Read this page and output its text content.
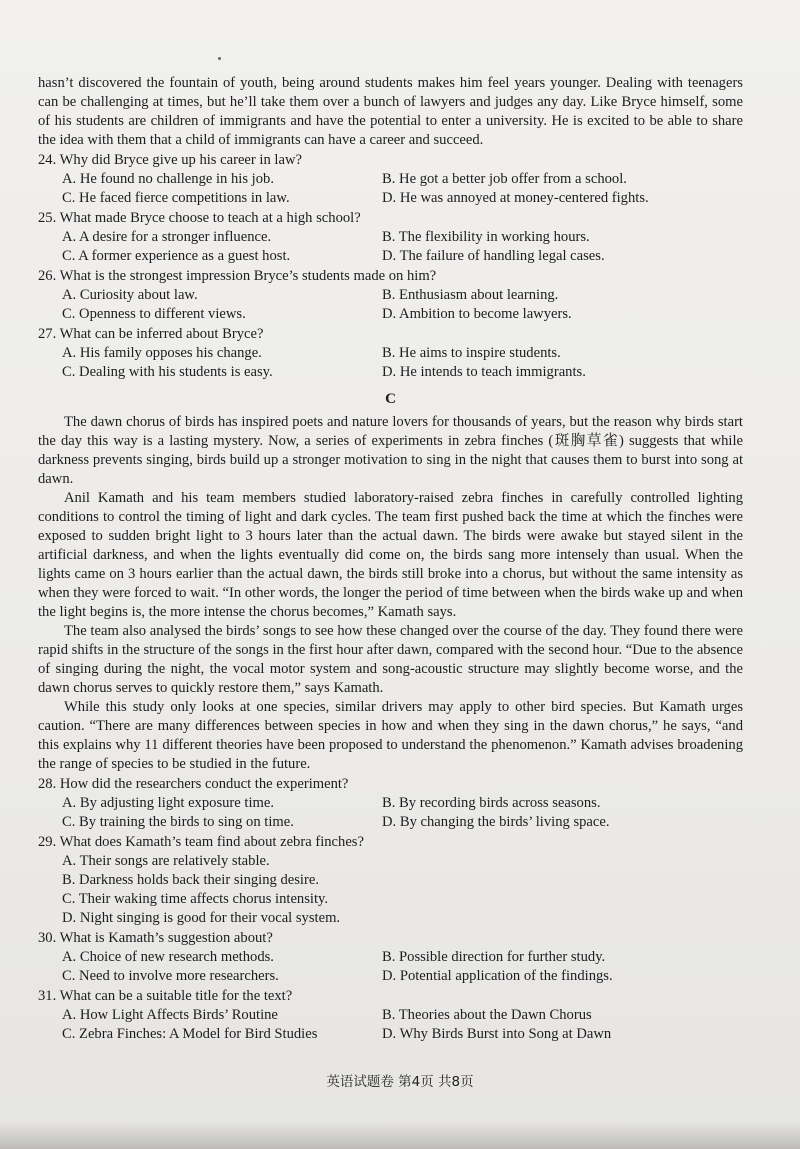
hasn’t discovered the fountain of youth, being around students makes him feel years younger. Dealing with teenagers can be challenging at times, but he’ll take them over a bunch of lawyers and judges any day. Like Bryce himself, some of his students are children of immigrants and have the potential to enter a university. He is excited to be able to share the idea with them that a child of immigrants can have a career and succeed.

24. Why did Bryce give up his career in law?
A. He found no challenge in his job.	B. He got a better job offer from a school.
C. He faced fierce competitions in law.	D. He was annoyed at money-centered fights.
25. What made Bryce choose to teach at a high school?
A. A desire for a stronger influence.	B. The flexibility in working hours.
C. A former experience as a guest host.	D. The failure of handling legal cases.
26. What is the strongest impression Bryce’s students made on him?
A. Curiosity about law.	B. Enthusiasm about learning.
C. Openness to different views.	D. Ambition to become lawyers.
27. What can be inferred about Bryce?
A. His family opposes his change.	B. He aims to inspire students.
C. Dealing with his students is easy.	D. He intends to teach immigrants.
C

The dawn chorus of birds has inspired poets and nature lovers for thousands of years, but the reason why birds start the day this way is a lasting mystery. Now, a series of experiments in zebra finches (斑胸草雀) suggests that while darkness prevents singing, birds build up a stronger motivation to sing in the night that causes them to burst into song at dawn.

Anil Kamath and his team members studied laboratory-raised zebra finches in carefully controlled lighting conditions to control the timing of light and dark cycles. The team first pushed back the time at which the finches were exposed to sudden bright light to 3 hours later than the actual dawn. The birds were awake but stayed silent in the artificial darkness, and when the lights eventually did come on, the birds sang more intensely than usual. When the lights came on 3 hours earlier than the actual dawn, the birds still broke into a chorus, but without the same intensity as when they were forced to wait. “In other words, the longer the period of time between when the birds wake up and when the light begins is, the more intense the chorus becomes,” Kamath says.

The team also analysed the birds’ songs to see how these changed over the course of the day. They found there were rapid shifts in the structure of the songs in the first hour after dawn, compared with the second hour. “Due to the absence of singing during the night, the vocal motor system and song-acoustic structure may slightly become worse, and the dawn chorus serves to quickly restore them,” says Kamath.

While this study only looks at one species, similar drivers may apply to other bird species. But Kamath urges caution. “There are many differences between species in how and when they sing in the dawn chorus,” he says, “and this explains why 11 different theories have been proposed to understand the phenomenon.” Kamath advises broadening the range of species to be studied in the future.

28. How did the researchers conduct the experiment?
A. By adjusting light exposure time.	B. By recording birds across seasons.
C. By training the birds to sing on time.	D. By changing the birds’ living space.
29. What does Kamath’s team find about zebra finches?
A. Their songs are relatively stable.
B. Darkness holds back their singing desire.
C. Their waking time affects chorus intensity.
D. Night singing is good for their vocal system.
30. What is Kamath’s suggestion about?
A. Choice of new research methods.	B. Possible direction for further study.
C. Need to involve more researchers.	D. Potential application of the findings.
31. What can be a suitable title for the text?
A. How Light Affects Birds’ Routine	B. Theories about the Dawn Chorus
C. Zebra Finches: A Model for Bird Studies	D. Why Birds Burst into Song at Dawn
英语试题卷 第4页 共8页
